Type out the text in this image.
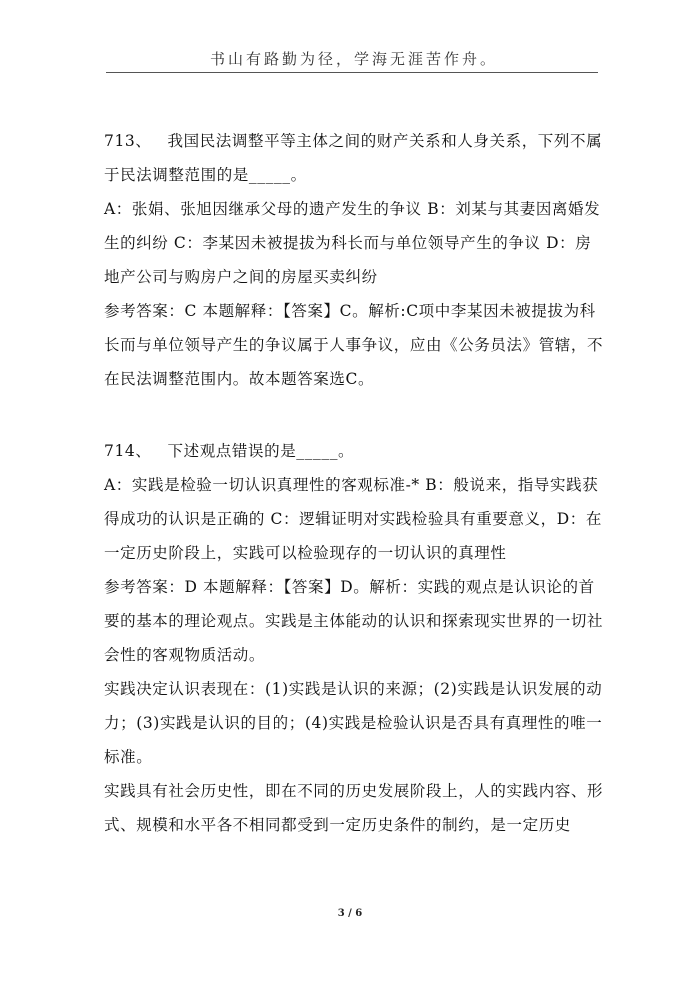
书山有路勤为径，学海无涯苦作舟。

713、 我国民法调整平等主体之间的财产关系和人身关系，下列不属于民法调整范围的是_____。

A：张娟、张旭因继承父母的遗产发生的争议 B：刘某与其妻因离婚发生的纠纷 C：李某因未被提拔为科长而与单位领导产生的争议 D：房地产公司与购房户之间的房屋买卖纠纷

参考答案：C 本题解释：【答案】C。解析:C项中李某因未被提拔为科长而与单位领导产生的争议属于人事争议，应由《公务员法》管辖，不在民法调整范围内。故本题答案选C。

714、 下述观点错误的是_____。

A：实践是检验一切认识真理性的客观标准-* B：般说来，指导实践获得成功的认识是正确的 C：逻辑证明对实践检验具有重要意义，D：在一定历史阶段上，实践可以检验现存的一切认识的真理性

参考答案：D 本题解释：【答案】D。解析：实践的观点是认识论的首要的基本的理论观点。实践是主体能动的认识和探索现实世界的一切社会性的客观物质活动。

实践决定认识表现在：(1)实践是认识的来源；(2)实践是认识发展的动力；(3)实践是认识的目的；(4)实践是检验认识是否具有真理性的唯一标准。

实践具有社会历史性，即在不同的历史发展阶段上，人的实践内容、形式、规模和水平各不相同都受到一定历史条件的制约，是一定历史

3 / 6
